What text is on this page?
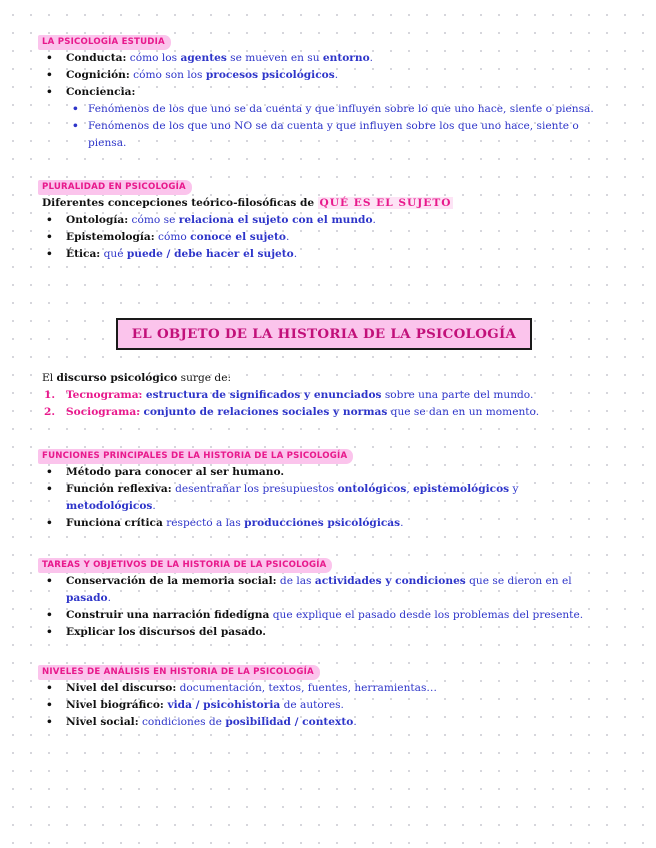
LA PSICOLOGÍA ESTUDIA
• Conducta: cómo los agentes se mueven en su entorno.
• Cognición: cómo son los procesos psicológicos.
• Conciencia:
• Fenómenos de los que uno se da cuenta y que influyen sobre lo que uno hace, siente o piensa.
• Fenómenos de los que uno NO se da cuenta y que influyen sobre los que uno hace, siente o piensa.
PLURALIDAD EN PSICOLOGÍA
Diferentes concepciones teórico-filosóficas de QUÉ ES EL SUJETO
• Ontología: cómo se relaciona el sujeto con el mundo.
• Epistemología: cómo conoce el sujeto.
• Ética: qué puede / debe hacer el sujeto.
EL OBJETO DE LA HISTORIA DE LA PSICOLOGÍA
El discurso psicológico surge de:
1. Tecnograma: estructura de significados y enunciados sobre una parte del mundo.
2. Sociograma: conjunto de relaciones sociales y normas que se dan en un momento.
FUNCIONES PRINCIPALES DE LA HISTORIA DE LA PSICOLOGÍA
• Método para conocer al ser humano.
• Función reflexiva: desentrañar los presupuestos ontológicos, epistemológicos y metodológicos.
• Funciona crítica respecto a las producciones psicológicas.
TAREAS Y OBJETIVOS DE LA HISTORIA DE LA PSICOLOGÍA
• Conservación de la memoria social: de las actividades y condiciones que se dieron en el pasado.
• Construir una narración fidedigna que explique el pasado desde los problemas del presente.
• Explicar los discursos del pasado.
NIVELES DE ANÁLISIS EN HISTORIA DE LA PSICOLOGÍA
• Nivel del discurso: documentación, textos, fuentes, herramientas…
• Nivel biográfico: vida / psicohistoria de autores.
• Nivel social: condiciones de posibilidad / contexto.
